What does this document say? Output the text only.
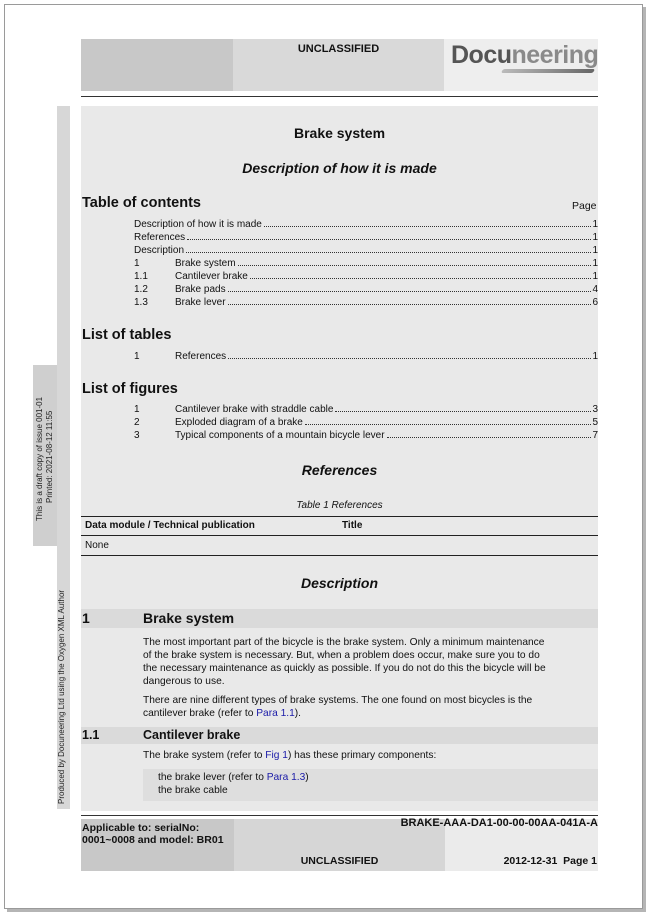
UNCLASSIFIED	Docuneering
Produced by Docuneering Ltd using the Oxygen XML Author
This is a draft copy of issue 001-01 Printed: 2021-08-12 11:55
Brake system
Description of how it is made
Table of contents	Page
Description of how it is made	1
References	1
Description	1
1	Brake system	1
1.1	Cantilever brake	1
1.2	Brake pads	4
1.3	Brake lever	6
List of tables
1	References	1
List of figures
1	Cantilever brake with straddle cable	3
2	Exploded diagram of a brake	5
3	Typical components of a mountain bicycle lever	7
References
Table 1 References
Data module / Technical publication	Title
None
Description
1	Brake system
The most important part of the bicycle is the brake system. Only a minimum maintenance
of the brake system is necessary. But, when a problem does occur, make sure you to do
the necessary maintenance as quickly as possible. If you do not do this the bicycle will be
dangerous to use.
There are nine different types of brake systems. The one found on most bicycles is the
cantilever brake (refer to Para 1.1).
1.1	Cantilever brake
The brake system (refer to Fig 1) has these primary components:
the brake lever (refer to Para 1.3)
the brake cable
Applicable to: serialNo:
0001~0008 and model: BR01
BRAKE-AAA-DA1-00-00-00AA-041A-A
UNCLASSIFIED	2012-12-31 Page 1
